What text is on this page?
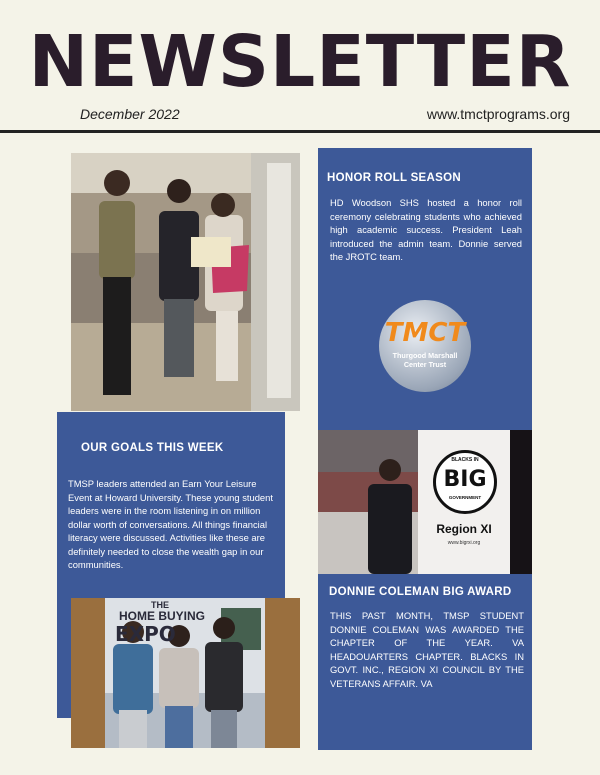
NEWSLETTER
December 2022	www.tmctprograms.org
HONOR ROLL SEASON

HD Woodson SHS hosted a honor roll ceremony celebrating students who achieved high academic success. President Leah introduced the admin team. Donnie served the JROTC team.

TMCT
Thurgood Marshall Center Trust
OUR GOALS THIS WEEK

TMSP leaders attended an Earn Your Leisure Event at Howard University. These young student leaders were in the room listening in on million dollar worth of conversations. All things financial literacy were discussed. Activities like these are definitely needed to close the wealth gap in our communities.

BLACKS IN
BIG
GOVERNMENT
Region XI
www.bigrxi.org
DONNIE COLEMAN BIG AWARD

THIS PAST MONTH, TMSP STUDENT DONNIE COLEMAN WAS AWARDED THE CHAPTER OF THE YEAR. VA HEADOUARTERS CHAPTER. BLACKS IN GOVT. INC., REGION XI COUNCIL BY THE VETERANS AFFAIR. VA

THE
HOME BUYING
EXPO
